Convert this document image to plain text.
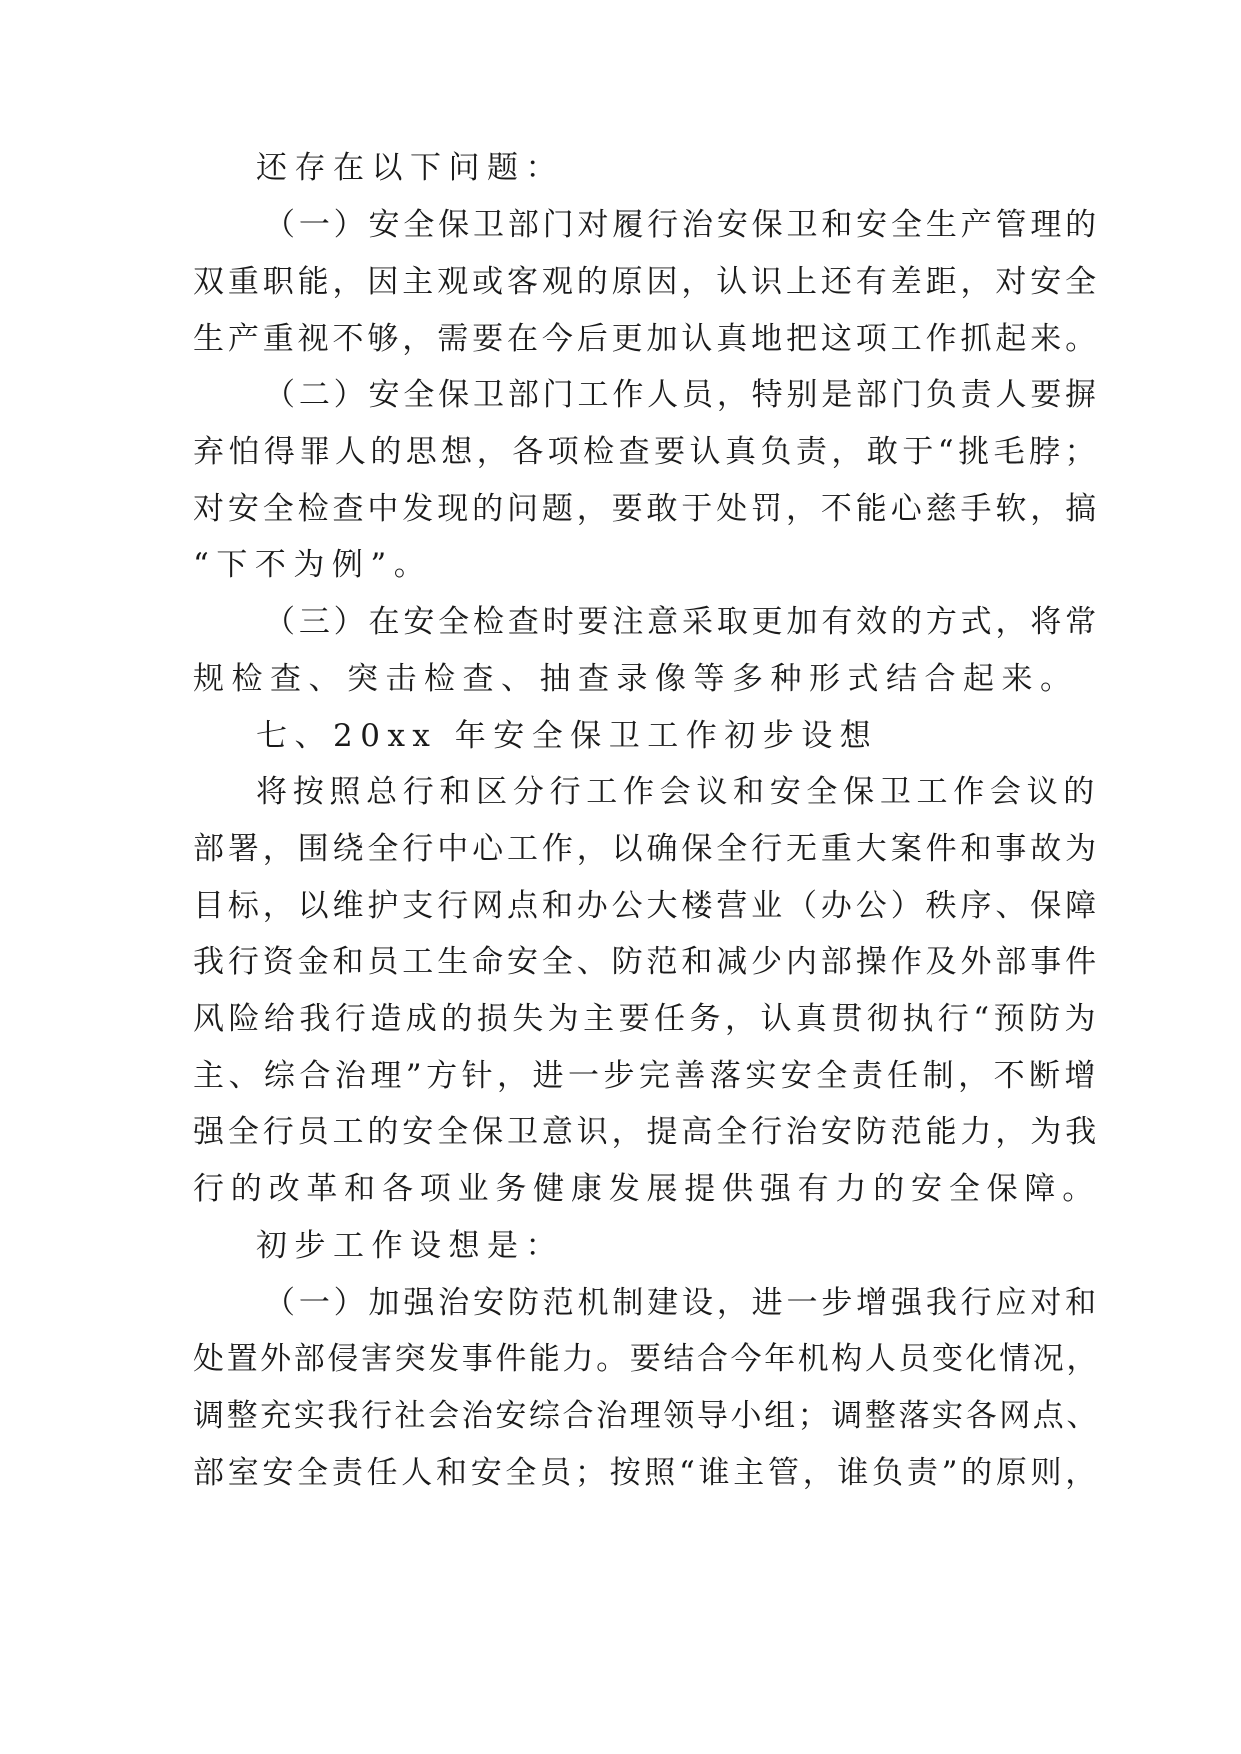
还存在以下问题：
（一）安全保卫部门对履行治安保卫和安全生产管理的
双重职能，因主观或客观的原因，认识上还有差距，对安全
生产重视不够，需要在今后更加认真地把这项工作抓起来。
（二）安全保卫部门工作人员，特别是部门负责人要摒
弃怕得罪人的思想，各项检查要认真负责，敢于“挑毛脖；
对安全检查中发现的问题，要敢于处罚，不能心慈手软，搞
“下不为例”。
（三）在安全检查时要注意采取更加有效的方式，将常
规检查、突击检查、抽查录像等多种形式结合起来。
七、20xx 年安全保卫工作初步设想
将按照总行和区分行工作会议和安全保卫工作会议的
部署，围绕全行中心工作，以确保全行无重大案件和事故为
目标，以维护支行网点和办公大楼营业（办公）秩序、保障
我行资金和员工生命安全、防范和减少内部操作及外部事件
风险给我行造成的损失为主要任务，认真贯彻执行“预防为
主、综合治理”方针，进一步完善落实安全责任制，不断增
强全行员工的安全保卫意识，提高全行治安防范能力，为我
行的改革和各项业务健康发展提供强有力的安全保障。
初步工作设想是：
（一）加强治安防范机制建设，进一步增强我行应对和
处置外部侵害突发事件能力。要结合今年机构人员变化情况，
调整充实我行社会治安综合治理领导小组；调整落实各网点、
部室安全责任人和安全员；按照“谁主管，谁负责”的原则，
